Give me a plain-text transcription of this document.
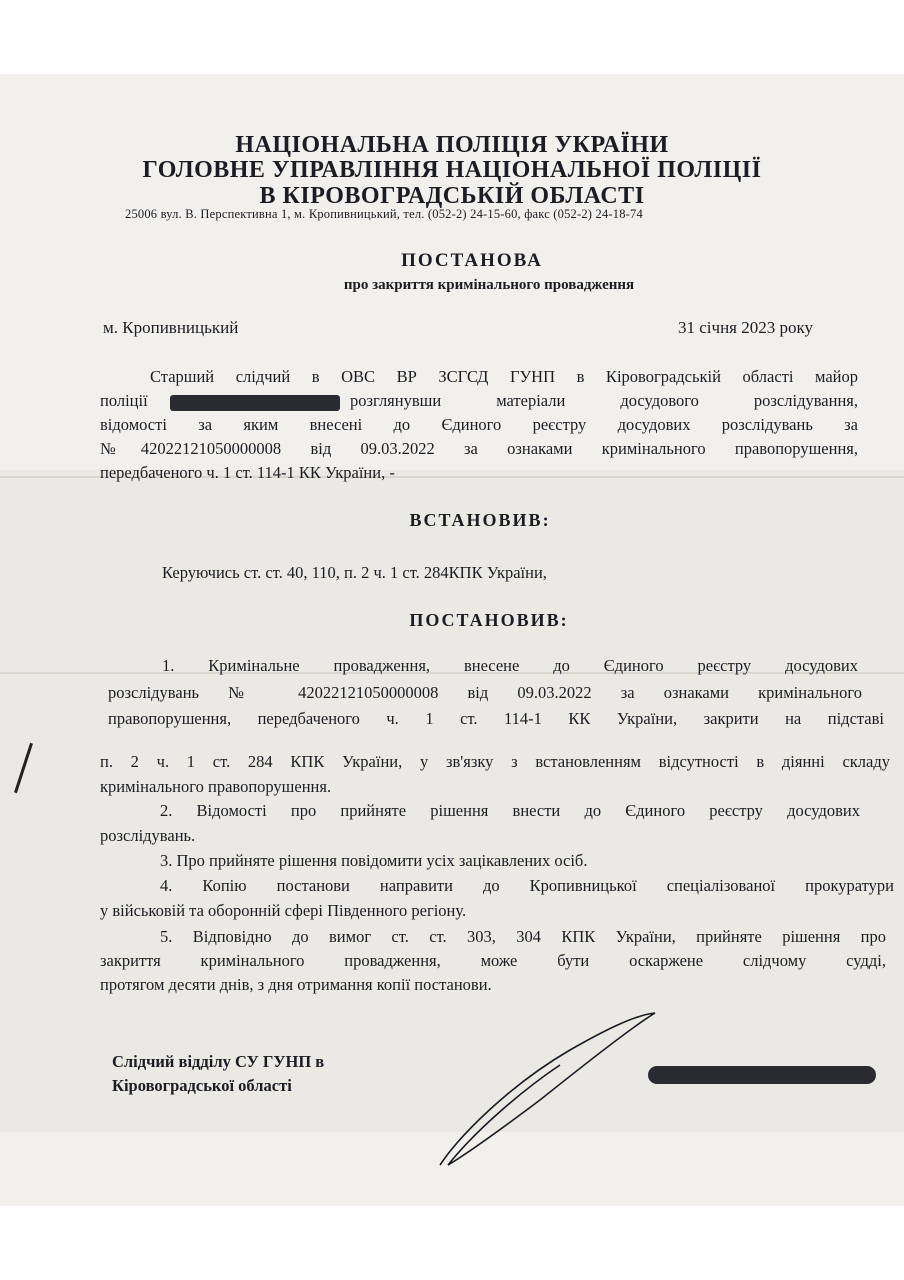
НАЦІОНАЛЬНА ПОЛІЦІЯ УКРАЇНИ
ГОЛОВНЕ УПРАВЛІННЯ НАЦІОНАЛЬНОЇ ПОЛІЦІЇ
В КІРОВОГРАДСЬКІЙ ОБЛАСТІ
25006 вул. В. Перспективна 1, м. Кропивницький, тел. (052-2) 24-15-60, факс (052-2) 24-18-74
ПОСТАНОВА
про закриття кримінального провадження
м. Кропивницький	31 січня 2023 року
Старший слідчий в ОВС ВР ЗСГСД ГУНП в Кіровоградській області майор
поліції	розглянувши матеріали досудового розслідування,
відомості за яким внесені до Єдиного реєстру досудових розслідувань за
№42022121050000008 від 09.03.2022 за ознаками кримінального правопорушення,
передбаченого ч. 1 ст. 114-1 КК України, -
ВСТАНОВИВ:
Керуючись ст. ст. 40, 110, п. 2 ч. 1 ст. 284КПК України,
ПОСТАНОВИВ:
1. Кримінальне провадження, внесене до Єдиного реєстру досудових
розслідувань № 42022121050000008 від 09.03.2022 за ознаками кримінального
правопорушення, передбаченого ч. 1 ст. 114-1 КК України, закрити на підставі
п. 2 ч. 1 ст. 284 КПК України, у зв'язку з встановленням відсутності в діянні складу
кримінального правопорушення.
2. Відомості про прийняте рішення внести до Єдиного реєстру досудових
розслідувань.
3. Про прийняте рішення повідомити усіх зацікавлених осіб.
4. Копію постанови направити до Кропивницької спеціалізованої прокуратури
у військовій та оборонній сфері Південного регіону.
5. Відповідно до вимог ст. ст. 303, 304 КПК України, прийняте рішення про
закриття кримінального провадження, може бути оскаржене слідчому судді,
протягом десяти днів, з дня отримання копії постанови.
Слідчий відділу СУ ГУНП в
Кіровоградської області
